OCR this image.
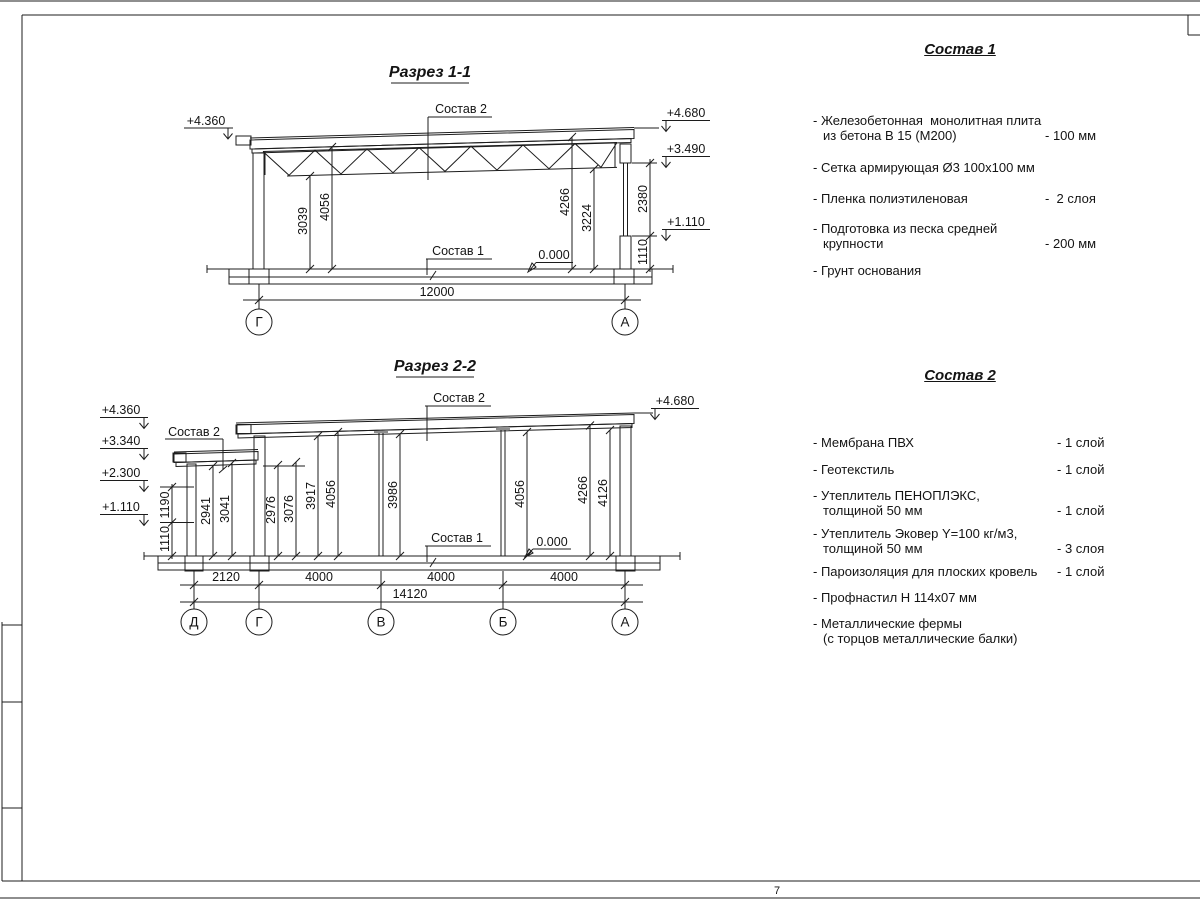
7
Разрез 1-1
Состав 2
Состав 1	0.000
+4.360
+4.680
+3.490
+1.110
2380
1110
3039
4056	4266
3224
12000
Г	А
Разрез 2-2
Состав 2
Состав 2
Состав 1	0.000
+4.360
+3.340
+2.300
+1.110
+4.680
1190
1110
2941 3041	2976 3076 3917 4056	3986	4056	4266 4126
2120	4000	4000	4000
14120
Д	Г	В	Б	А
Состав 1
- Железобетонная  монолитная плита
из бетона В 15 (М200)	- 100 мм
- Сетка армирующая Ø3 100х100 мм
- Пленка полиэтиленовая	-  2 слоя
- Подготовка из песка средней
крупности	- 200 мм
- Грунт основания
Состав 2
- Мембрана ПВХ	- 1 слой
- Геотекстиль	- 1 слой
- Утеплитель ПЕНОПЛЭКС,
толщиной 50 мм	- 1 слой
- Утеплитель Эковер Y=100 кг/м3,
толщиной 50 мм	- 3 слоя
- Пароизоляция для плоских кровель - 1 слой
- Профнастил Н 114х07 мм
- Металлические фермы
(с торцов металлические балки)
